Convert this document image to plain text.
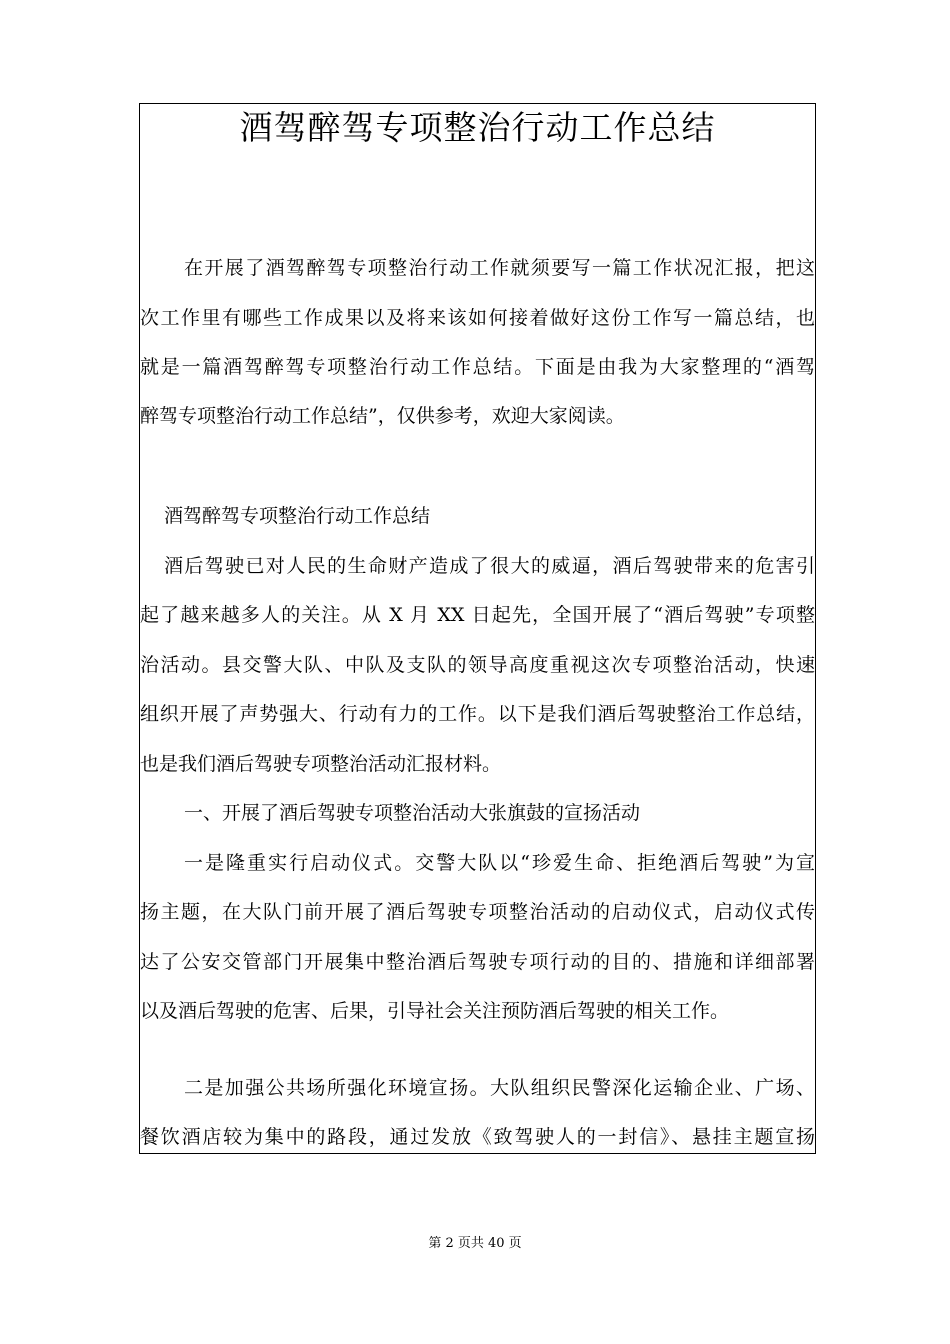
酒驾醉驾专项整治行动工作总结
在开展了酒驾醉驾专项整治行动工作就须要写一篇工作状况汇报，把这
次工作里有哪些工作成果以及将来该如何接着做好这份工作写一篇总结，也
就是一篇酒驾醉驾专项整治行动工作总结。下面是由我为大家整理的“酒驾
醉驾专项整治行动工作总结”，仅供参考，欢迎大家阅读。
酒驾醉驾专项整治行动工作总结
酒后驾驶已对人民的生命财产造成了很大的威逼，酒后驾驶带来的危害引
起了越来越多人的关注。从 X 月 XX 日起先，全国开展了“酒后驾驶”专项整
治活动。县交警大队、中队及支队的领导高度重视这次专项整治活动，快速
组织开展了声势强大、行动有力的工作。以下是我们酒后驾驶整治工作总结，
也是我们酒后驾驶专项整治活动汇报材料。
一、开展了酒后驾驶专项整治活动大张旗鼓的宣扬活动
一是隆重实行启动仪式。交警大队以“珍爱生命、拒绝酒后驾驶”为宣
扬主题，在大队门前开展了酒后驾驶专项整治活动的启动仪式，启动仪式传
达了公安交管部门开展集中整治酒后驾驶专项行动的目的、措施和详细部署
以及酒后驾驶的危害、后果，引导社会关注预防酒后驾驶的相关工作。
二是加强公共场所强化环境宣扬。大队组织民警深化运输企业、广场、
餐饮酒店较为集中的路段，通过发放《致驾驶人的一封信》、悬挂主题宣扬
第 2 页共 40 页
